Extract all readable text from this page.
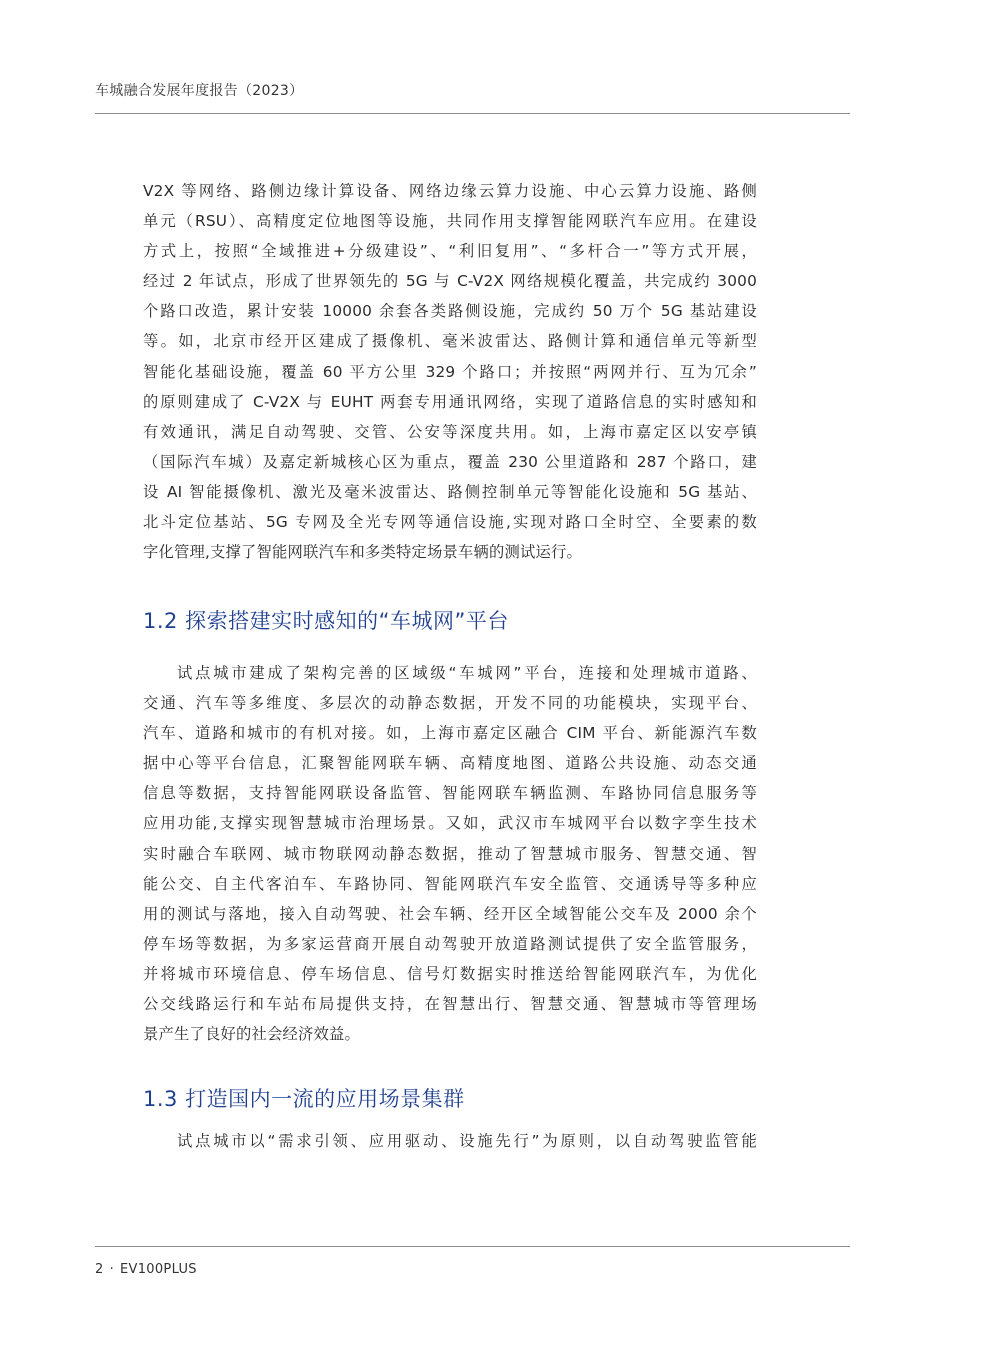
车城融合发展年度报告（2023）
V2X 等网络、路侧边缘计算设备、网络边缘云算力设施、中心云算力设施、路侧
单元（RSU）、高精度定位地图等设施，共同作用支撑智能网联汽车应用。在建设
方式上，按照“全域推进+分级建设”、“利旧复用”、“多杆合一”等方式开展，
经过 2 年试点，形成了世界领先的 5G 与 C-V2X 网络规模化覆盖，共完成约 3000
个路口改造，累计安装 10000 余套各类路侧设施，完成约 50 万个 5G 基站建设
等。如，北京市经开区建成了摄像机、毫米波雷达、路侧计算和通信单元等新型
智能化基础设施，覆盖 60 平方公里 329 个路口；并按照“两网并行、互为冗余”
的原则建成了 C-V2X 与 EUHT 两套专用通讯网络，实现了道路信息的实时感知和
有效通讯，满足自动驾驶、交管、公安等深度共用。如，上海市嘉定区以安亭镇
（国际汽车城）及嘉定新城核心区为重点，覆盖 230 公里道路和 287 个路口，建
设 AI 智能摄像机、激光及毫米波雷达、路侧控制单元等智能化设施和 5G 基站、
北斗定位基站、5G 专网及全光专网等通信设施,实现对路口全时空、全要素的数
字化管理,支撑了智能网联汽车和多类特定场景车辆的测试运行。
1.2 探索搭建实时感知的“车城网”平台
试点城市建成了架构完善的区域级“车城网”平台，连接和处理城市道路、
交通、汽车等多维度、多层次的动静态数据，开发不同的功能模块，实现平台、
汽车、道路和城市的有机对接。如，上海市嘉定区融合 CIM 平台、新能源汽车数
据中心等平台信息，汇聚智能网联车辆、高精度地图、道路公共设施、动态交通
信息等数据，支持智能网联设备监管、智能网联车辆监测、车路协同信息服务等
应用功能,支撑实现智慧城市治理场景。又如，武汉市车城网平台以数字孪生技术
实时融合车联网、城市物联网动静态数据，推动了智慧城市服务、智慧交通、智
能公交、自主代客泊车、车路协同、智能网联汽车安全监管、交通诱导等多种应
用的测试与落地，接入自动驾驶、社会车辆、经开区全域智能公交车及 2000 余个
停车场等数据，为多家运营商开展自动驾驶开放道路测试提供了安全监管服务，
并将城市环境信息、停车场信息、信号灯数据实时推送给智能网联汽车，为优化
公交线路运行和车站布局提供支持，在智慧出行、智慧交通、智慧城市等管理场
景产生了良好的社会经济效益。
1.3 打造国内一流的应用场景集群
试点城市以“需求引领、应用驱动、设施先行”为原则，以自动驾驶监管能
2 · EV100PLUS
